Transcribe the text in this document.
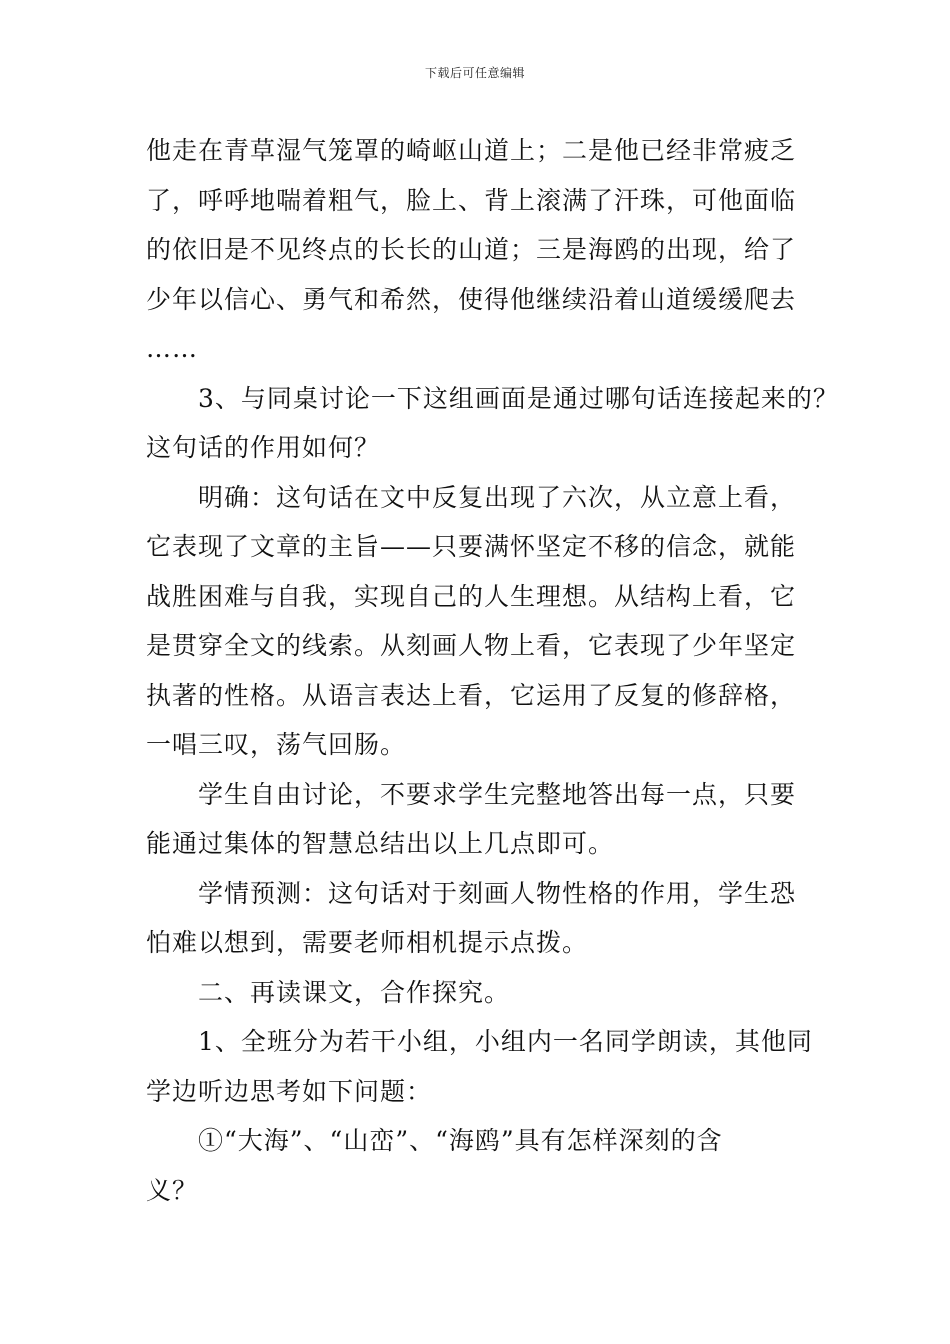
下载后可任意编辑

他走在青草湿气笼罩的崎岖山道上；二是他已经非常疲乏
了，呼呼地喘着粗气，脸上、背上滚满了汗珠，可他面临
的依旧是不见终点的长长的山道；三是海鸥的出现，给了
少年以信心、勇气和希然，使得他继续沿着山道缓缓爬去
……

3、与同桌讨论一下这组画面是通过哪句话连接起来的？
这句话的作用如何？

明确：这句话在文中反复出现了六次，从立意上看，
它表现了文章的主旨——只要满怀坚定不移的信念，就能
战胜困难与自我，实现自己的人生理想。从结构上看，它
是贯穿全文的线索。从刻画人物上看，它表现了少年坚定
执著的性格。从语言表达上看，它运用了反复的修辞格，
一唱三叹，荡气回肠。

学生自由讨论，不要求学生完整地答出每一点，只要
能通过集体的智慧总结出以上几点即可。

学情预测：这句话对于刻画人物性格的作用，学生恐
怕难以想到，需要老师相机提示点拨。

二、再读课文，合作探究。

1、全班分为若干小组，小组内一名同学朗读，其他同
学边听边思考如下问题：

①“大海”、“山峦”、“海鸥”具有怎样深刻的含
义？
